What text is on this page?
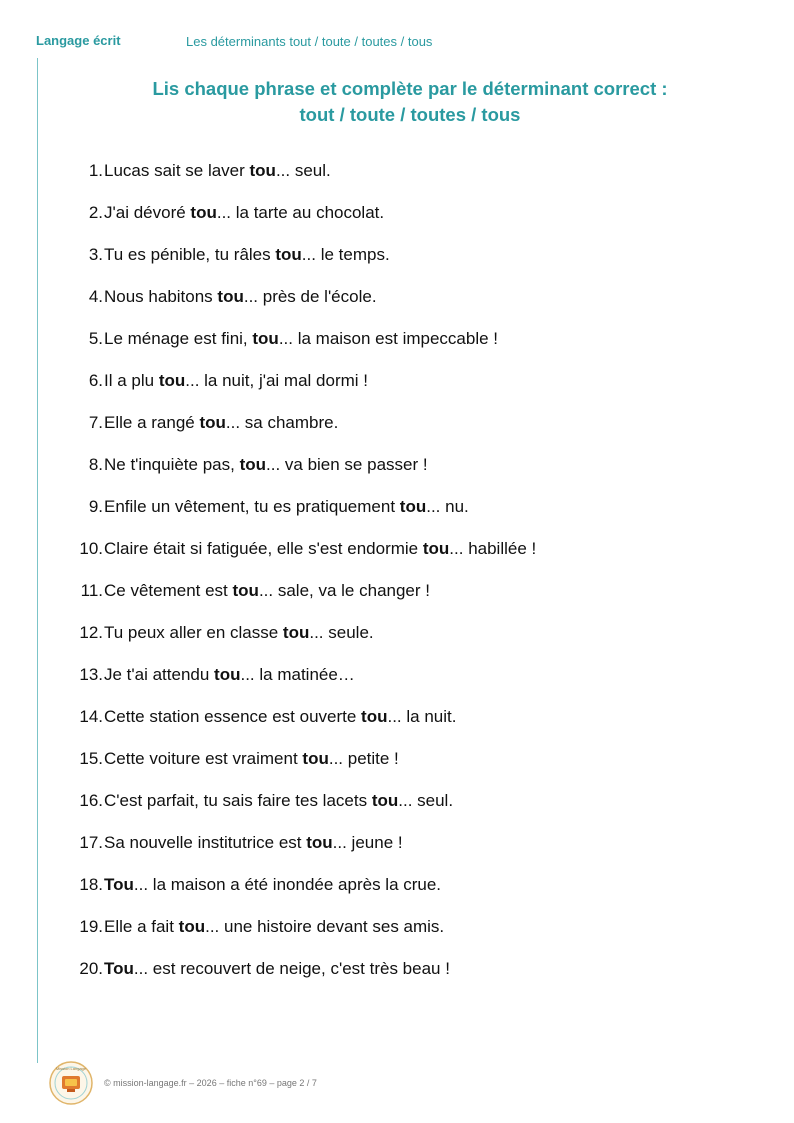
Langage écrit	Les déterminants tout / toute / toutes / tous
Lis chaque phrase et complète par le déterminant correct :
tout / toute / toutes / tous
1. Lucas sait se laver tou... seul.
2. J'ai dévoré tou... la tarte au chocolat.
3. Tu es pénible, tu râles tou... le temps.
4. Nous habitons tou... près de l'école.
5. Le ménage est fini, tou... la maison est impeccable !
6. Il a plu tou... la nuit, j'ai mal dormi !
7. Elle a rangé tou... sa chambre.
8. Ne t'inquiète pas, tou... va bien se passer !
9. Enfile un vêtement, tu es pratiquement tou... nu.
10. Claire était si fatiguée, elle s'est endormie tou... habillée !
11. Ce vêtement est tou... sale, va le changer !
12. Tu peux aller en classe tou... seule.
13. Je t'ai attendu tou... la matinée…
14. Cette station essence est ouverte tou... la nuit.
15. Cette voiture est vraiment tou... petite !
16. C'est parfait, tu sais faire tes lacets tou... seul.
17. Sa nouvelle institutrice est tou... jeune !
18. Tou... la maison a été inondée après la crue.
19. Elle a fait tou... une histoire devant ses amis.
20. Tou... est recouvert de neige, c'est très beau !
Mission Langage
© mission-langage.fr – 2026 – fiche n°69 – page 2 / 7
